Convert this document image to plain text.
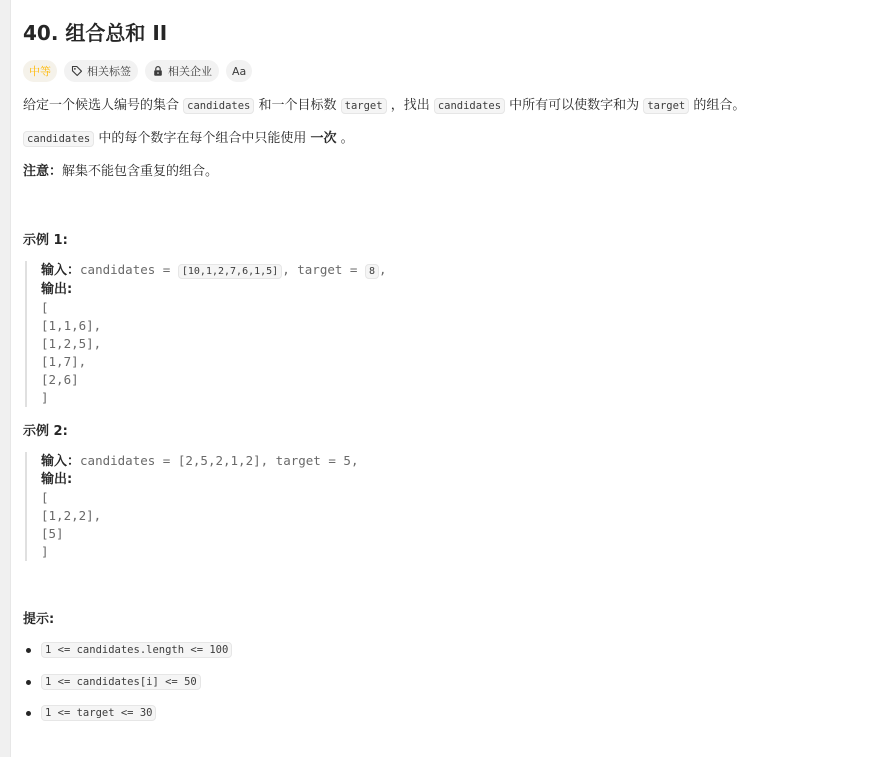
40. 组合总和 II
中等	相关标签	相关企业 Aa
给定一个候选人编号的集合 candidates 和一个目标数 target ，找出 candidates 中所有可以使数字和为 target 的组合。
candidates 中的每个数字在每个组合中只能使用 一次 。
注意：解集不能包含重复的组合。
示例 1:
输入：candidates = [10,1,2,7,6,1,5] , target = 8 ,
输出:
[
[1,1,6],
[1,2,5],
[1,7],
[2,6]
]
示例 2:
输入：candidates = [2,5,2,1,2], target = 5,
输出:
[
[1,2,2],
[5]
]
提示:
1 <= candidates.length <= 100
1 <= candidates[i] <= 50
1 <= target <= 30
